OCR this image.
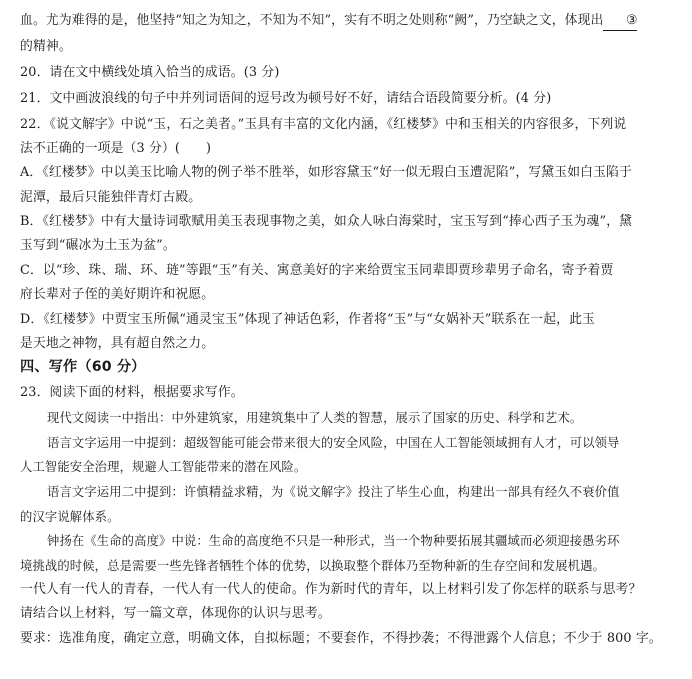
血。尤为难得的是，他坚持“知之为知之，不知为不知”，实有不明之处则称“阙”，乃空缺之文，体现出 ③
的精神。
20．请在文中横线处填入恰当的成语。(3 分)
21．文中画波浪线的句子中并列词语间的逗号改为顿号好不好，请结合语段简要分析。(4 分)
22．《说文解字》中说“玉，石之美者。”玉具有丰富的文化内涵，《红楼梦》中和玉相关的内容很多，下列说
法不正确的一项是（3 分）(　　)
A．《红楼梦》中以美玉比喻人物的例子举不胜举，如形容黛玉“好一似无瑕白玉遭泥陷”，写黛玉如白玉陷于
泥潭，最后只能独伴青灯古殿。
B．《红楼梦》中有大量诗词歌赋用美玉表现事物之美，如众人咏白海棠时，宝玉写到“捧心西子玉为魂”，黛
玉写到“碾冰为土玉为盆”。
C．以“珍、珠、瑞、环、琏”等跟“玉”有关、寓意美好的字来给贾宝玉同辈即贾珍辈男子命名，寄予着贾
府长辈对子侄的美好期许和祝愿。
D．《红楼梦》中贾宝玉所佩“通灵宝玉”体现了神话色彩，作者将“玉”与“女娲补天”联系在一起，此玉
是天地之神物，具有超自然之力。
四、写作（60 分）
23．阅读下面的材料，根据要求写作。
现代文阅读一中指出：中外建筑家，用建筑集中了人类的智慧，展示了国家的历史、科学和艺术。
语言文字运用一中提到：超级智能可能会带来很大的安全风险，中国在人工智能领域拥有人才，可以领导
人工智能安全治理，规避人工智能带来的潜在风险。
语言文字运用二中提到：许慎精益求精，为《说文解字》投注了毕生心血，构建出一部具有经久不衰价值
的汉字说解体系。
钟扬在《生命的高度》中说：生命的高度绝不只是一种形式，当一个物种要拓展其疆域而必须迎接愚劣环
境挑战的时候，总是需要一些先锋者牺牲个体的优势，以换取整个群体乃至物种新的生存空间和发展机遇。
一代人有一代人的青春，一代人有一代人的使命。作为新时代的青年，以上材料引发了你怎样的联系与思考？
请结合以上材料，写一篇文章，体现你的认识与思考。
要求：选准角度，确定立意，明确文体，自拟标题；不要套作，不得抄袭；不得泄露个人信息；不少于 800 字。
